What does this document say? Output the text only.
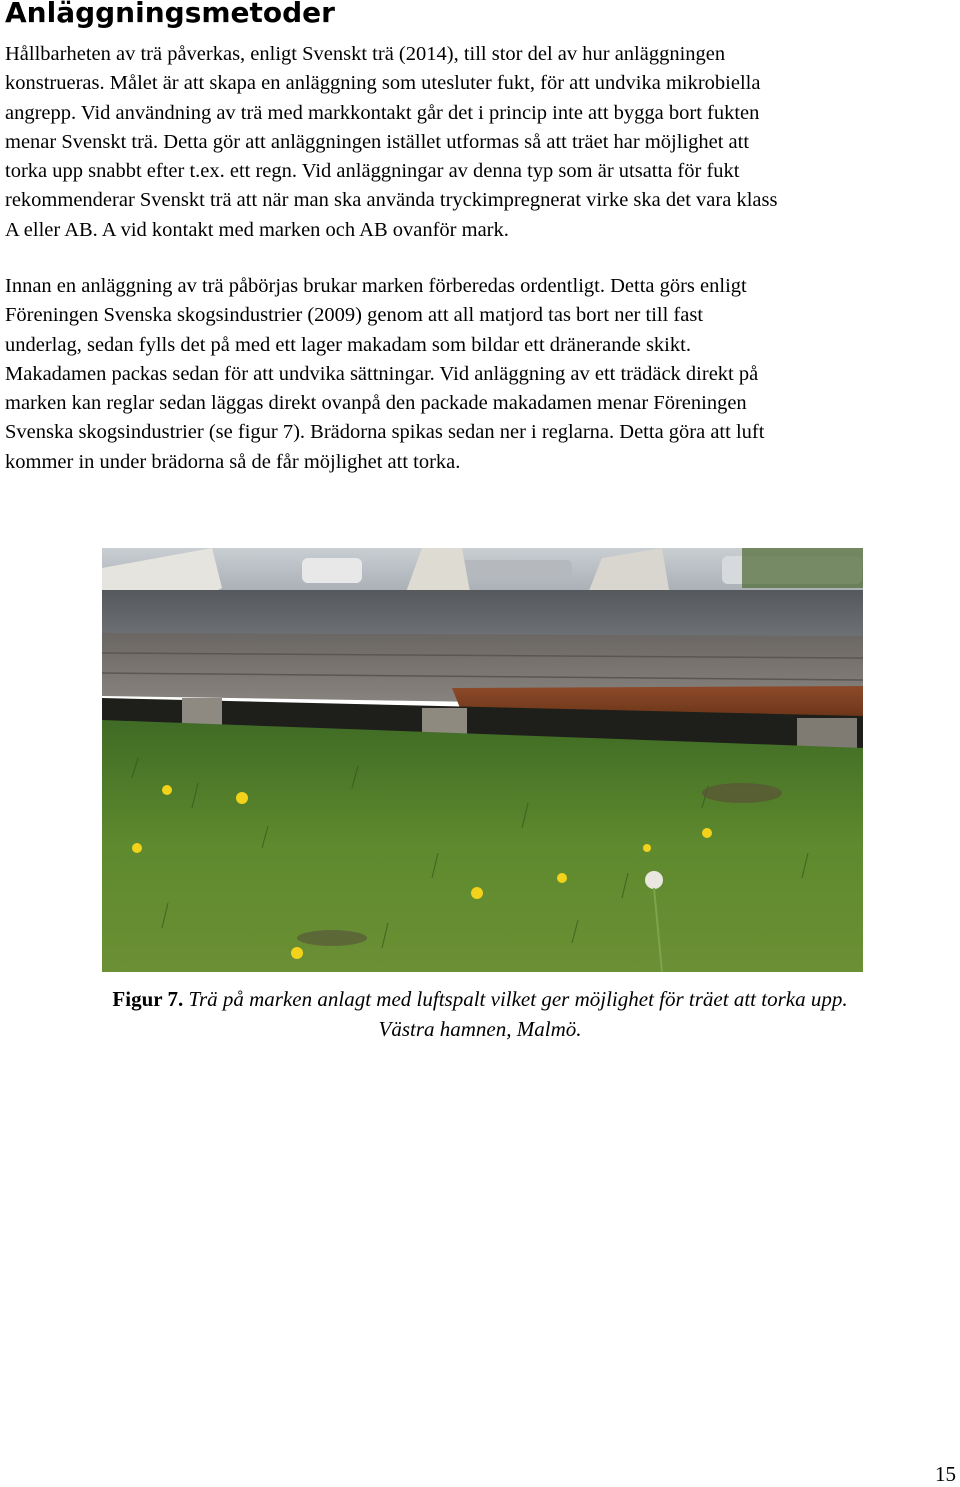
Anläggningsmetoder
Hållbarheten av trä påverkas, enligt Svenskt trä (2014), till stor del av hur anläggningen
konstrueras. Målet är att skapa en anläggning som utesluter fukt, för att undvika mikrobiella
angrepp. Vid användning av trä med markkontakt går det i princip inte att bygga bort fukten
menar Svenskt trä. Detta gör att anläggningen istället utformas så att träet har möjlighet att
torka upp snabbt efter t.ex. ett regn. Vid anläggningar av denna typ som är utsatta för fukt
rekommenderar Svenskt trä att när man ska använda tryckimpregnerat virke ska det vara klass
A eller AB. A vid kontakt med marken och AB ovanför mark.
Innan en anläggning av trä påbörjas brukar marken förberedas ordentligt. Detta görs enligt
Föreningen Svenska skogsindustrier (2009) genom att all matjord tas bort ner till fast
underlag, sedan fylls det på med ett lager makadam som bildar ett dränerande skikt.
Makadamen packas sedan för att undvika sättningar. Vid anläggning av ett trädäck direkt på
marken kan reglar sedan läggas direkt ovanpå den packade makadamen menar Föreningen
Svenska skogsindustrier (se figur 7). Brädorna spikas sedan ner i reglarna. Detta göra att luft
kommer in under brädorna så de får möjlighet att torka.

Figur 7. Trä på marken anlagt med luftspalt vilket ger möjlighet för träet att torka upp.
Västra hamnen, Malmö.

15
